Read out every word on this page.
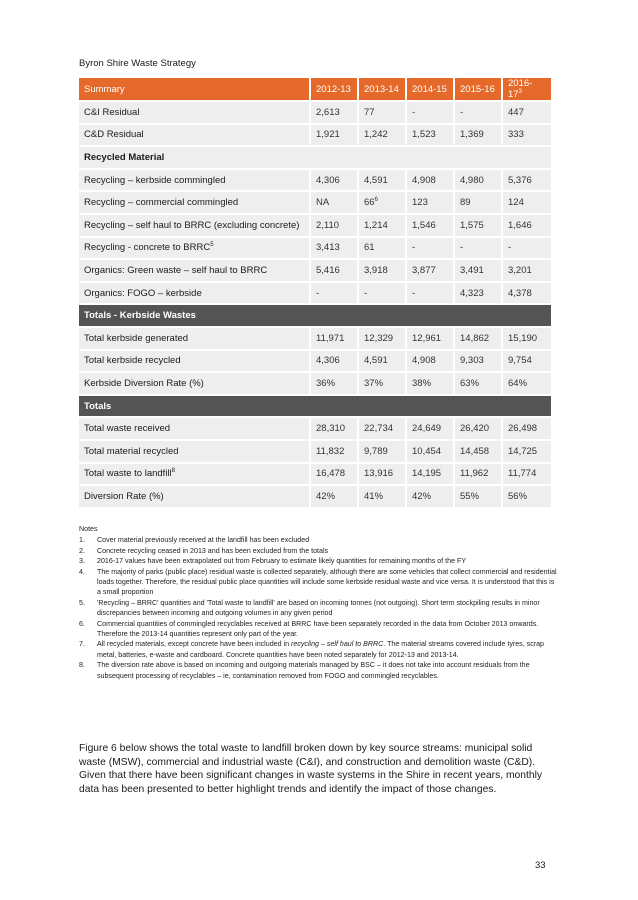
Byron Shire Waste Strategy
Summary	2012-13	2013-14	2014-15	2015-16	$2016-17^3$
C&I Residual	2,613	77	-	-	447
C&D Residual	1,921	1,242	1,523	1,369	333
Recycled Material					
Recycling – kerbside commingled	4,306	4,591	4,908	4,980	5,376
Recycling – commercial commingled	NA	$66^6$	123	89	124
Recycling – self haul to BRRC (excluding concrete)	2,110	1,214	1,546	1,575	1,646
Recycling - concrete to BRRC$^5$	3,413	61	-	-	-
Organics: Green waste – self haul to BRRC	5,416	3,918	3,877	3,491	3,201
Organics: FOGO – kerbside	-	-	-	4,323	4,378
Totals - Kerbside Wastes					
Total kerbside generated	11,971	12,329	12,961	14,862	15,190
Total kerbside recycled	4,306	4,591	4,908	9,303	9,754
Kerbside Diversion Rate (%)	36%	37%	38%	63%	64%
Totals					
Total waste received	28,310	22,734	24,649	26,420	26,498
Total material recycled	11,832	9,789	10,454	14,458	14,725
Total waste to landfill$^8$	16,478	13,916	14,195	11,962	11,774
Diversion Rate (%)	42%	41%	42%	55%	56%
Notes
1.	Cover material previously received at the landfill has been excluded
2.	Concrete recycling ceased in 2013 and has been excluded from the totals
3.	2016-17 values have been extrapolated out from February to estimate likely quantities for remaining months of the FY
4.	The majority of parks (public place) residual waste is collected separately, although there are some vehicles that collect commercial and residential loads together. Therefore, the residual public place quantities will include some kerbside residual waste and vice versa. It is understood that this is a small proportion
5.	'Recycling – BRRC' quantities and 'Total waste to landfill' are based on incoming tonnes (not outgoing). Short term stockpiling results in minor discrepancies between incoming and outgoing volumes in any given period
6.	Commercial quantities of commingled recyclables received at BRRC have been separately recorded in the data from October 2013 onwards. Therefore the 2013-14 quantities represent only part of the year.
7.	All recycled materials, except concrete have been included in recycling – self haul to BRRC. The material streams covered include tyres, scrap metal, batteries, e-waste and cardboard. Concrete quantities have been noted separately for 2012-13 and 2013-14.
8.	The diversion rate above is based on incoming and outgoing materials managed by BSC – it does not take into account residuals from the subsequent processing of recyclables – ie, contamination removed from FOGO and commingled recyclables.
Figure 6 below shows the total waste to landfill broken down by key source streams: municipal solid waste (MSW), commercial and industrial waste (C&I), and construction and demolition waste (C&D). Given that there have been significant changes in waste systems in the Shire in recent years, monthly data has been presented to better highlight trends and identify the impact of those changes.
33
